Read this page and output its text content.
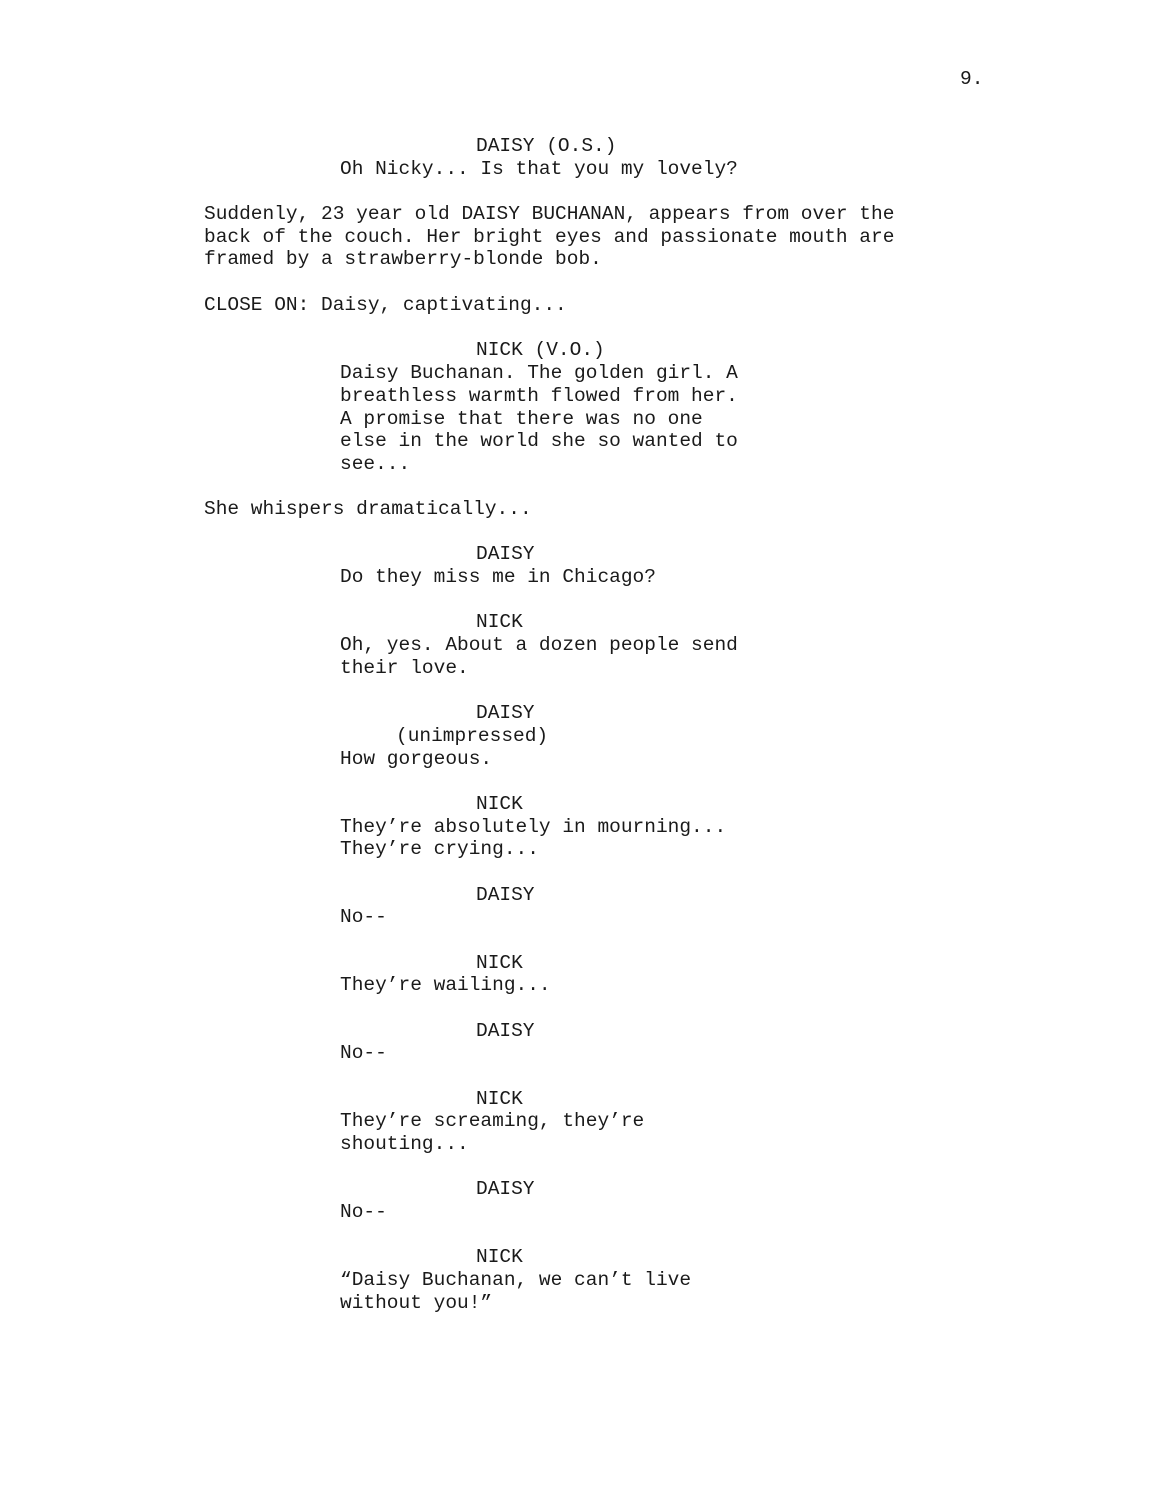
9.
DAISY (O.S.)
Oh Nicky... Is that you my lovely?
Suddenly, 23 year old DAISY BUCHANAN, appears from over the
back of the couch. Her bright eyes and passionate mouth are
framed by a strawberry-blonde bob.
CLOSE ON: Daisy, captivating...
NICK (V.O.)
Daisy Buchanan. The golden girl. A
breathless warmth flowed from her.
A promise that there was no one
else in the world she so wanted to
see...
She whispers dramatically...
DAISY
Do they miss me in Chicago?
NICK
Oh, yes. About a dozen people send
their love.
DAISY
(unimpressed)
How gorgeous.
NICK
They’re absolutely in mourning...
They’re crying...
DAISY
No--
NICK
They’re wailing...
DAISY
No--
NICK
They’re screaming, they’re
shouting...
DAISY
No--
NICK
“Daisy Buchanan, we can’t live
without you!”
